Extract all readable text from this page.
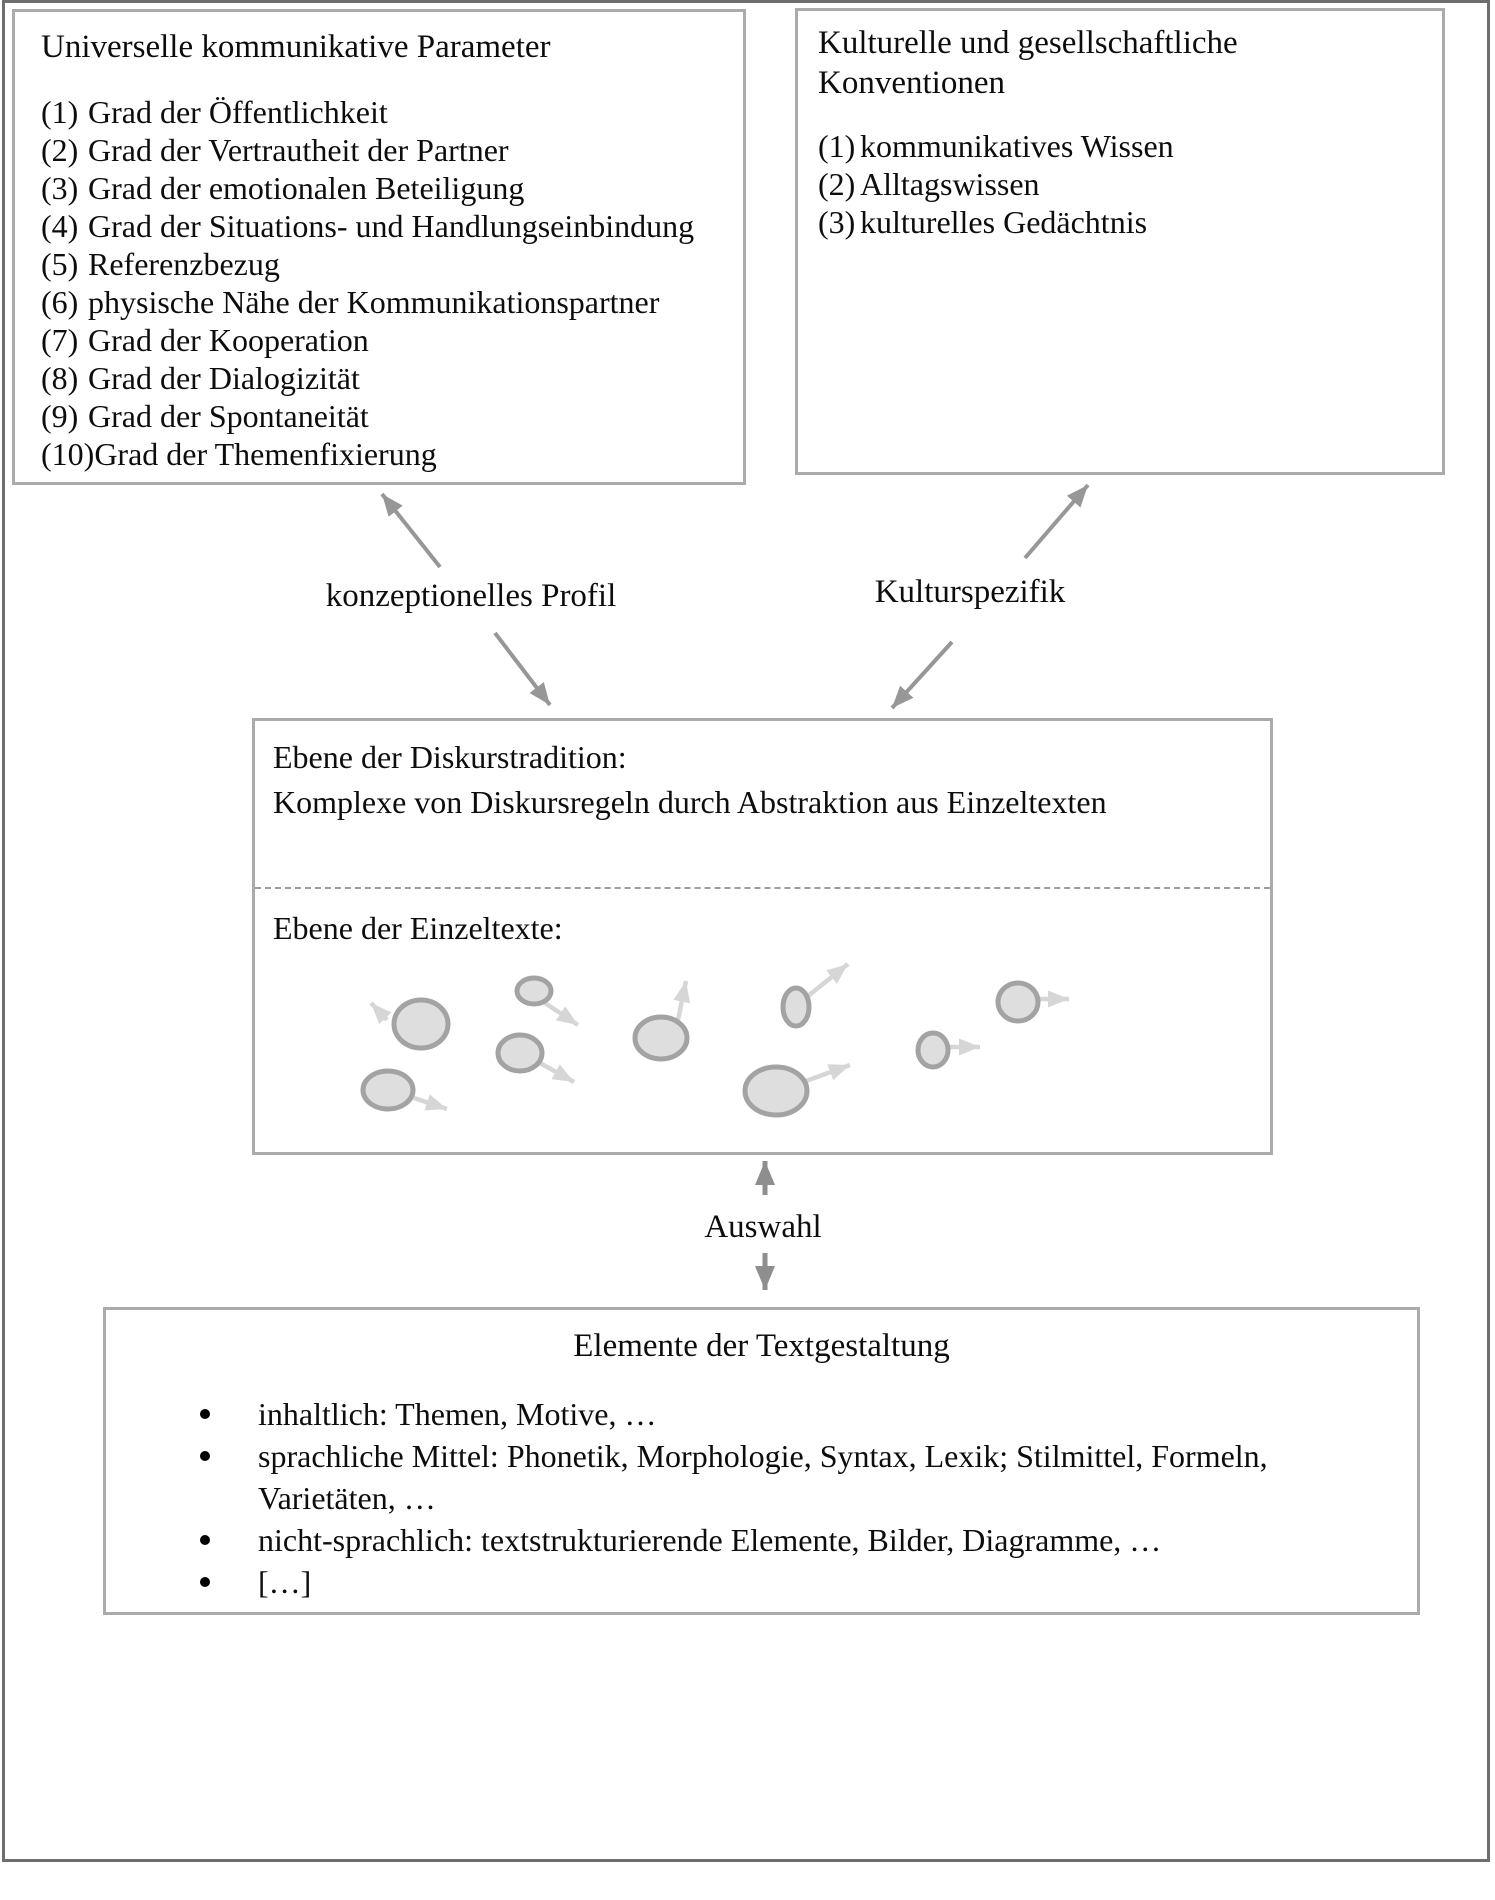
Universelle kommunikative Parameter
(1) Grad der Öffentlichkeit
(2) Grad der Vertrautheit der Partner
(3) Grad der emotionalen Beteiligung
(4) Grad der Situations- und Handlungseinbindung
(5) Referenzbezug
(6) physische Nähe der Kommunikationspartner
(7) Grad der Kooperation
(8) Grad der Dialogizität
(9) Grad der Spontaneität
(10) Grad der Themenfixierung
Kulturelle und gesellschaftliche Konventionen
(1) kommunikatives Wissen
(2) Alltagswissen
(3) kulturelles Gedächtnis
konzeptionelles Profil	Kulturspezifik
Ebene der Diskurstradition:
Komplexe von Diskursregeln durch Abstraktion aus Einzeltexten
Ebene der Einzeltexte:
Auswahl
Elemente der Textgestaltung
inhaltlich: Themen, Motive, …
sprachliche Mittel: Phonetik, Morphologie, Syntax, Lexik; Stilmittel, Formeln, Varietäten, …
nicht-sprachlich: textstrukturierende Elemente, Bilder, Diagramme, …
[…]
